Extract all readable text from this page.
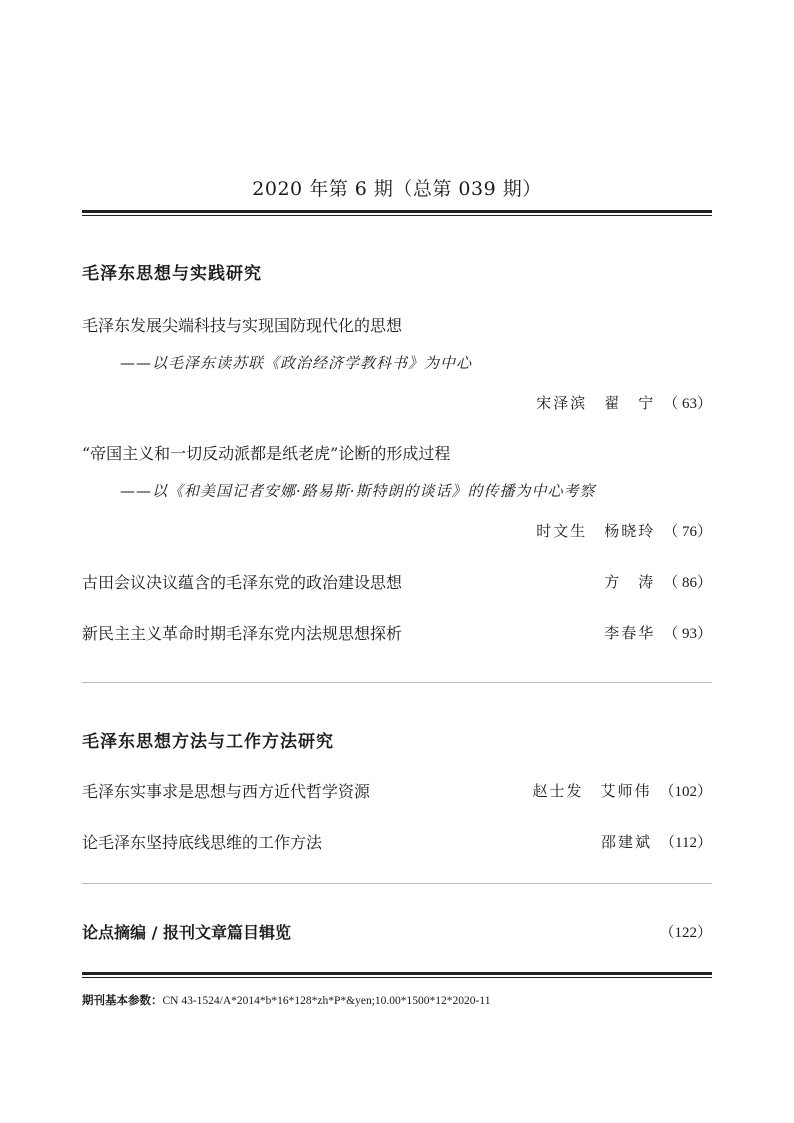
2020 年第 6 期（总第 039 期）
毛泽东思想与实践研究
毛泽东发展尖端科技与实现国防现代化的思想
——以毛泽东读苏联《政治经济学教科书》为中心
宋泽滨　翟　宁 （ 63）
“帝国主义和一切反动派都是纸老虎”论断的形成过程
——以《和美国记者安娜·路易斯·斯特朗的谈话》的传播为中心考察
时文生　杨晓玲 （ 76）
古田会议决议蕴含的毛泽东党的政治建设思想	方　涛 （ 86）
新民主主义革命时期毛泽东党内法规思想探析	李春华 （ 93）
毛泽东思想方法与工作方法研究
毛泽东实事求是思想与西方近代哲学资源	赵士发　艾师伟 （102）
论毛泽东坚持底线思维的工作方法	邵建斌 （112）
论点摘编 / 报刊文章篇目辑览	（122）
期刊基本参数：CN 43-1524/A*2014*b*16*128*zh*P*&yen;10.00*1500*12*2020-11
